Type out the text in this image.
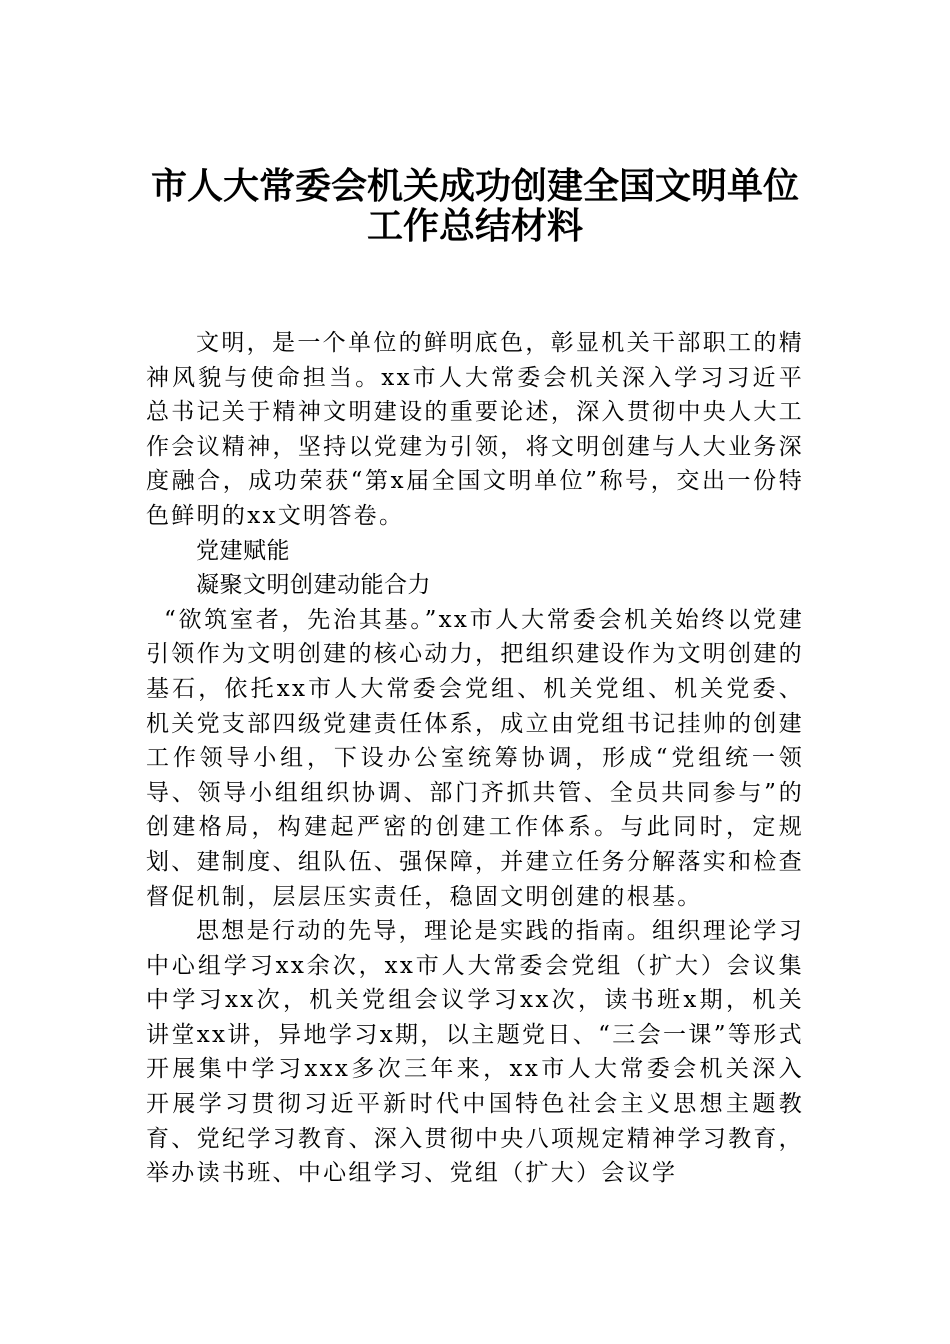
市人大常委会机关成功创建全国文明单位
工作总结材料

文明，是一个单位的鲜明底色，彰显机关干部职工的精神风貌与使命担当。xx市人大常委会机关深入学习习近平总书记关于精神文明建设的重要论述，深入贯彻中央人大工作会议精神，坚持以党建为引领，将文明创建与人大业务深度融合，成功荣获“第x届全国文明单位”称号，交出一份特色鲜明的xx文明答卷。

党建赋能

凝聚文明创建动能合力

“欲筑室者，先治其基。”xx市人大常委会机关始终以党建引领作为文明创建的核心动力，把组织建设作为文明创建的基石，依托xx市人大常委会党组、机关党组、机关党委、机关党支部四级党建责任体系，成立由党组书记挂帅的创建工作领导小组，下设办公室统筹协调，形成“党组统一领导、领导小组组织协调、部门齐抓共管、全员共同参与”的创建格局，构建起严密的创建工作体系。与此同时，定规划、建制度、组队伍、强保障，并建立任务分解落实和检查督促机制，层层压实责任，稳固文明创建的根基。

思想是行动的先导，理论是实践的指南。组织理论学习中心组学习xx余次，xx市人大常委会党组（扩大）会议集中学习xx次，机关党组会议学习xx次，读书班x期，机关讲堂xx讲，异地学习x期，以主题党日、“三会一课”等形式开展集中学习xxx多次三年来，xx市人大常委会机关深入开展学习贯彻习近平新时代中国特色社会主义思想主题教育、党纪学习教育、深入贯彻中央八项规定精神学习教育，举办读书班、中心组学习、党组（扩大）会议学
